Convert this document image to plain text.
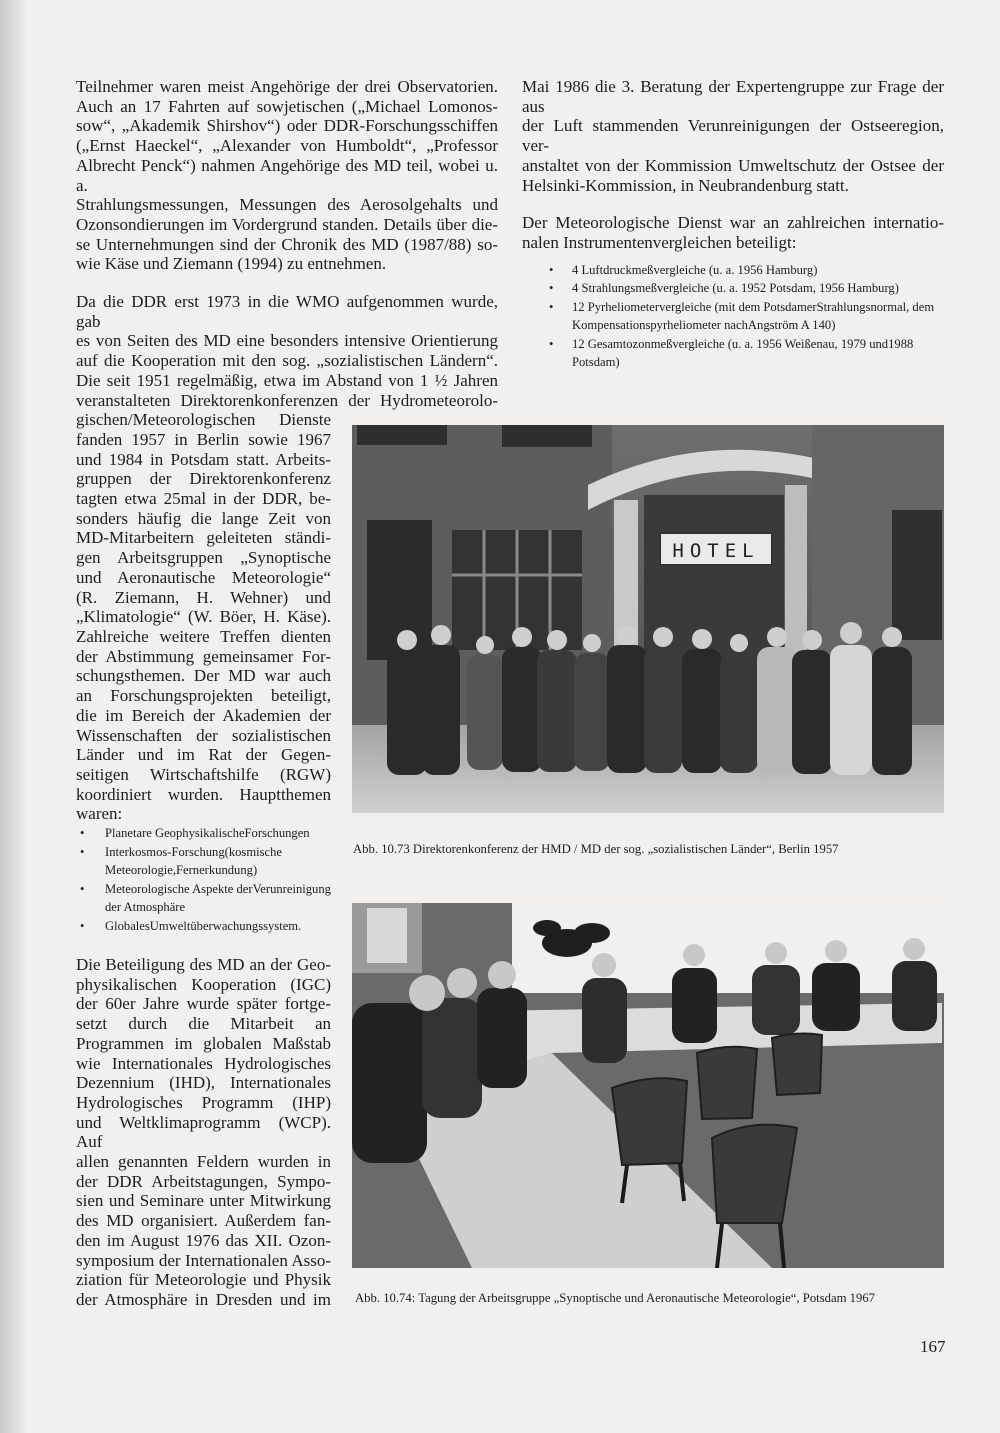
Teilnehmer waren meist Angehörige der drei Observatorien.
Auch an 17 Fahrten auf sowjetischen („Michael Lomonos-
sow“, „Akademik Shirshov“) oder DDR-Forschungsschiffen
(„Ernst Haeckel“, „Alexander von Humboldt“, „Professor
Albrecht Penck“) nahmen Angehörige des MD teil, wobei u. a.
Strahlungsmessungen, Messungen des Aerosolgehalts und
Ozonsondierungen im Vordergrund standen. Details über die-
se Unternehmungen sind der Chronik des MD (1987/88) so-
wie Käse und Ziemann (1994) zu entnehmen.

Da die DDR erst 1973 in die WMO aufgenommen wurde, gab
es von Seiten des MD eine besonders intensive Orientierung
auf die Kooperation mit den sog. „sozialistischen Ländern“.
Die seit 1951 regelmäßig, etwa im Abstand von 1 ½ Jahren
veranstalteten Direktorenkonferenzen der Hydrometeorolo-

gischen/Meteorologischen Dienste
fanden 1957 in Berlin sowie 1967
und 1984 in Potsdam statt. Arbeits-
gruppen der Direktorenkonferenz
tagten etwa 25mal in der DDR, be-
sonders häufig die lange Zeit von
MD-Mitarbeitern geleiteten ständi-
gen Arbeitsgruppen „Synoptische
und Aeronautische Meteorologie“
(R. Ziemann, H. Wehner) und
„Klimatologie“ (W. Böer, H. Käse).
Zahlreiche weitere Treffen dienten
der Abstimmung gemeinsamer For-
schungsthemen. Der MD war auch
an Forschungsprojekten beteiligt,
die im Bereich der Akademien der
Wissenschaften der sozialistischen
Länder und im Rat der Gegen-
seitigen Wirtschaftshilfe (RGW)
koordiniert wurden. Hauptthemen
waren:

• Planetare GeophysikalischeForschungen
• Interkosmos-Forschung(kosmische Meteorologie,Fernerkundung)
• Meteorologische Aspekte derVerunreinigung der Atmosphäre
• GlobalesUmweltüberwachungssystem.

Die Beteiligung des MD an der Geo-
physikalischen Kooperation (IGC)
der 60er Jahre wurde später fortge-
setzt durch die Mitarbeit an
Programmen im globalen Maßstab
wie Internationales Hydrologisches
Dezennium (IHD), Internationales
Hydrologisches Programm (IHP)
und Weltklimaprogramm (WCP). Auf
allen genannten Feldern wurden in
der DDR Arbeitstagungen, Sympo-
sien und Seminare unter Mitwirkung
des MD organisiert. Außerdem fan-
den im August 1976 das XII. Ozon-
symposium der Internationalen Asso-
ziation für Meteorologie und Physik
der Atmosphäre in Dresden und im

Mai 1986 die 3. Beratung der Expertengruppe zur Frage der aus
der Luft stammenden Verunreinigungen der Ostseeregion, ver-
anstaltet von der Kommission Umweltschutz der Ostsee der
Helsinki-Kommission, in Neubrandenburg statt.

Der Meteorologische Dienst war an zahlreichen internatio-
nalen Instrumentenvergleichen beteiligt:

• 4 Luftdruckmeßvergleiche (u. a. 1956 Hamburg)
• 4 Strahlungsmeßvergleiche (u. a. 1952 Potsdam, 1956 Hamburg)
• 12 Pyrheliometervergleiche (mit dem PotsdamerStrahlungsnormal, dem Kompensationspyrheliometer nachAngström A 140)
• 12 Gesamtozonmeßvergleiche (u. a. 1956 Weißenau, 1979 und1988 Potsdam)
HOTEL
Abb. 10.73 Direktorenkonferenz der HMD / MD der sog. „sozialistischen Länder“, Berlin 1957
Abb. 10.74: Tagung der Arbeitsgruppe „Synoptische und Aeronautische Meteorologie“, Potsdam 1967
167
